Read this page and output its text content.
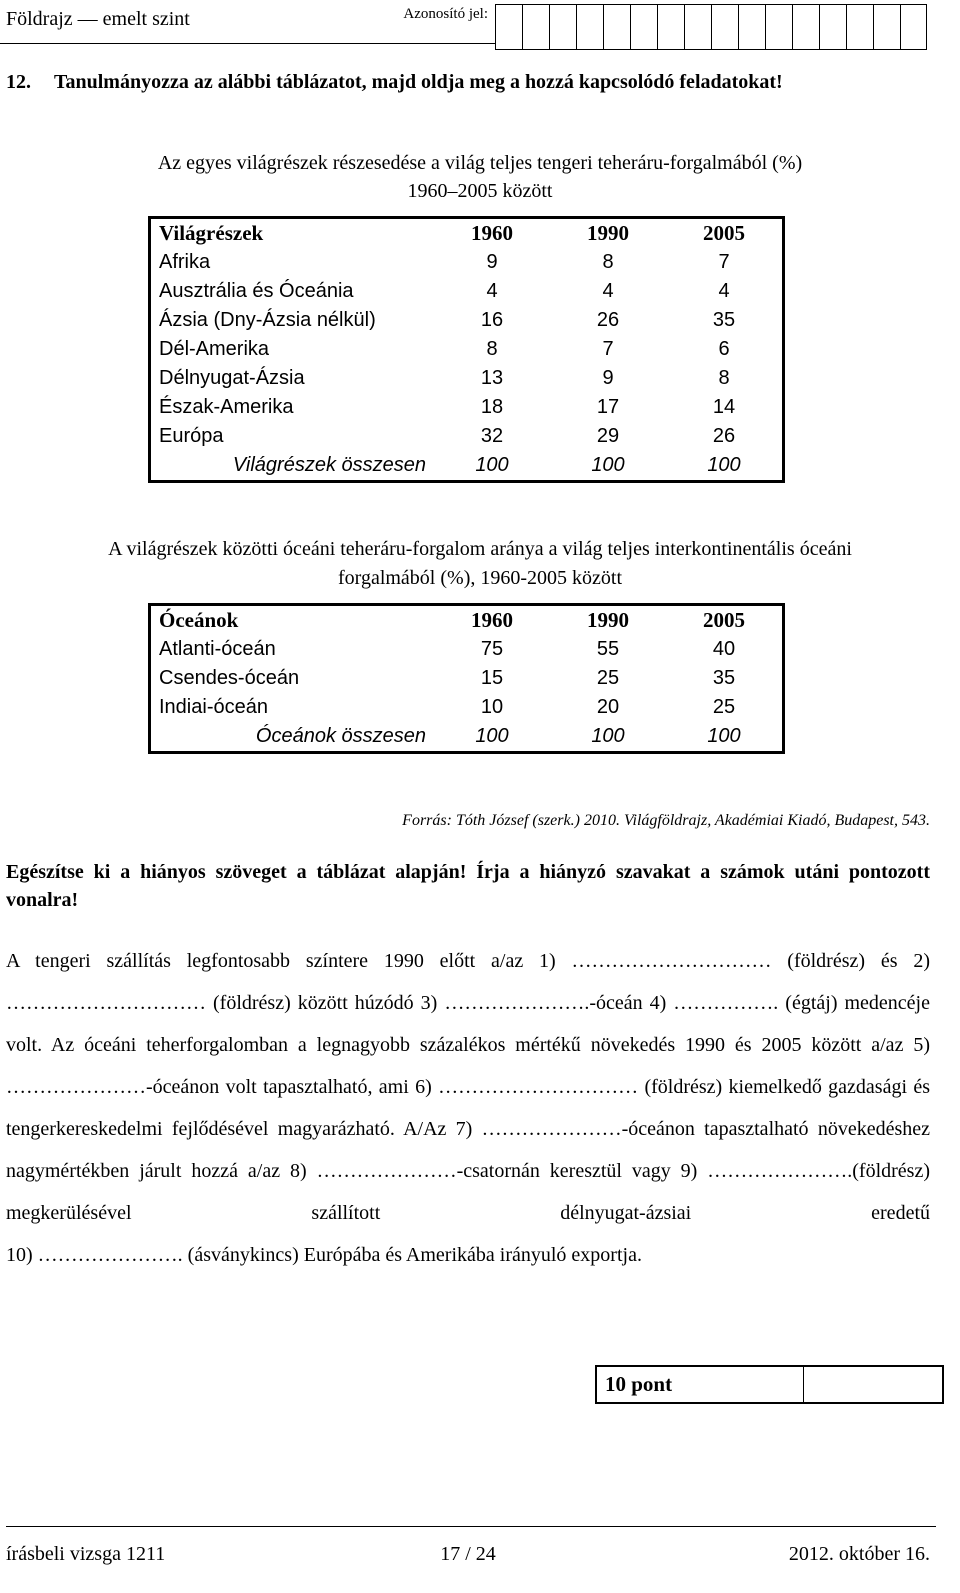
Földrajz — emelt szint	Azonosító jel:
12. Tanulmányozza az alábbi táblázatot, majd oldja meg a hozzá kapcsolódó feladatokat!
Az egyes világrészek részesedése a világ teljes tengeri teheráru-forgalmából (%)
1960–2005 között
Világrészek	1960	1990	2005
Afrika	9	8	7
Ausztrália és Óceánia	4	4	4
Ázsia (Dny-Ázsia nélkül)	16	26	35
Dél-Amerika	8	7	6
Délnyugat-Ázsia	13	9	8
Észak-Amerika	18	17	14
Európa	32	29	26
Világrészek összesen	100	100	100
A világrészek közötti óceáni teheráru-forgalom aránya a világ teljes interkontinentális óceáni
forgalmából (%), 1960-2005 között
Óceánok	1960	1990	2005
Atlanti-óceán	75	55	40
Csendes-óceán	15	25	35
Indiai-óceán	10	20	25
Óceánok összesen	100	100	100
Forrás: Tóth József (szerk.) 2010. Világföldrajz, Akadémiai Kiadó, Budapest, 543.
Egészítse ki a hiányos szöveget a táblázat alapján! Írja a hiányzó szavakat a számok utáni pontozott vonalra!
A tengeri szállítás legfontosabb színtere 1990 előtt a/az 1) ………………………… (földrész) és 2) ………………………… (földrész) között húzódó 3) ………………….-óceán 4) ……………. (égtáj) medencéje volt. Az óceáni teherforgalomban a legnagyobb százalékos mértékű növekedés 1990 és 2005 között a/az 5) …………………-óceánon volt tapasztalható, ami 6) ………………………… (földrész) kiemelkedő gazdasági és tengerkereskedelmi fejlődésével magyarázható. A/Az 7) …………………-óceánon tapasztalható növekedéshez nagymértékben járult hozzá a/az 8) …………………-csatornán keresztül vagy 9) ………………….(földrész) megkerülésével szállított délnyugat-ázsiai eredetű
10) …………………. (ásványkincs) Európába és Amerikába irányuló exportja.
10 pont	
írásbeli vizsga 1211	17 / 24	2012. október 16.
